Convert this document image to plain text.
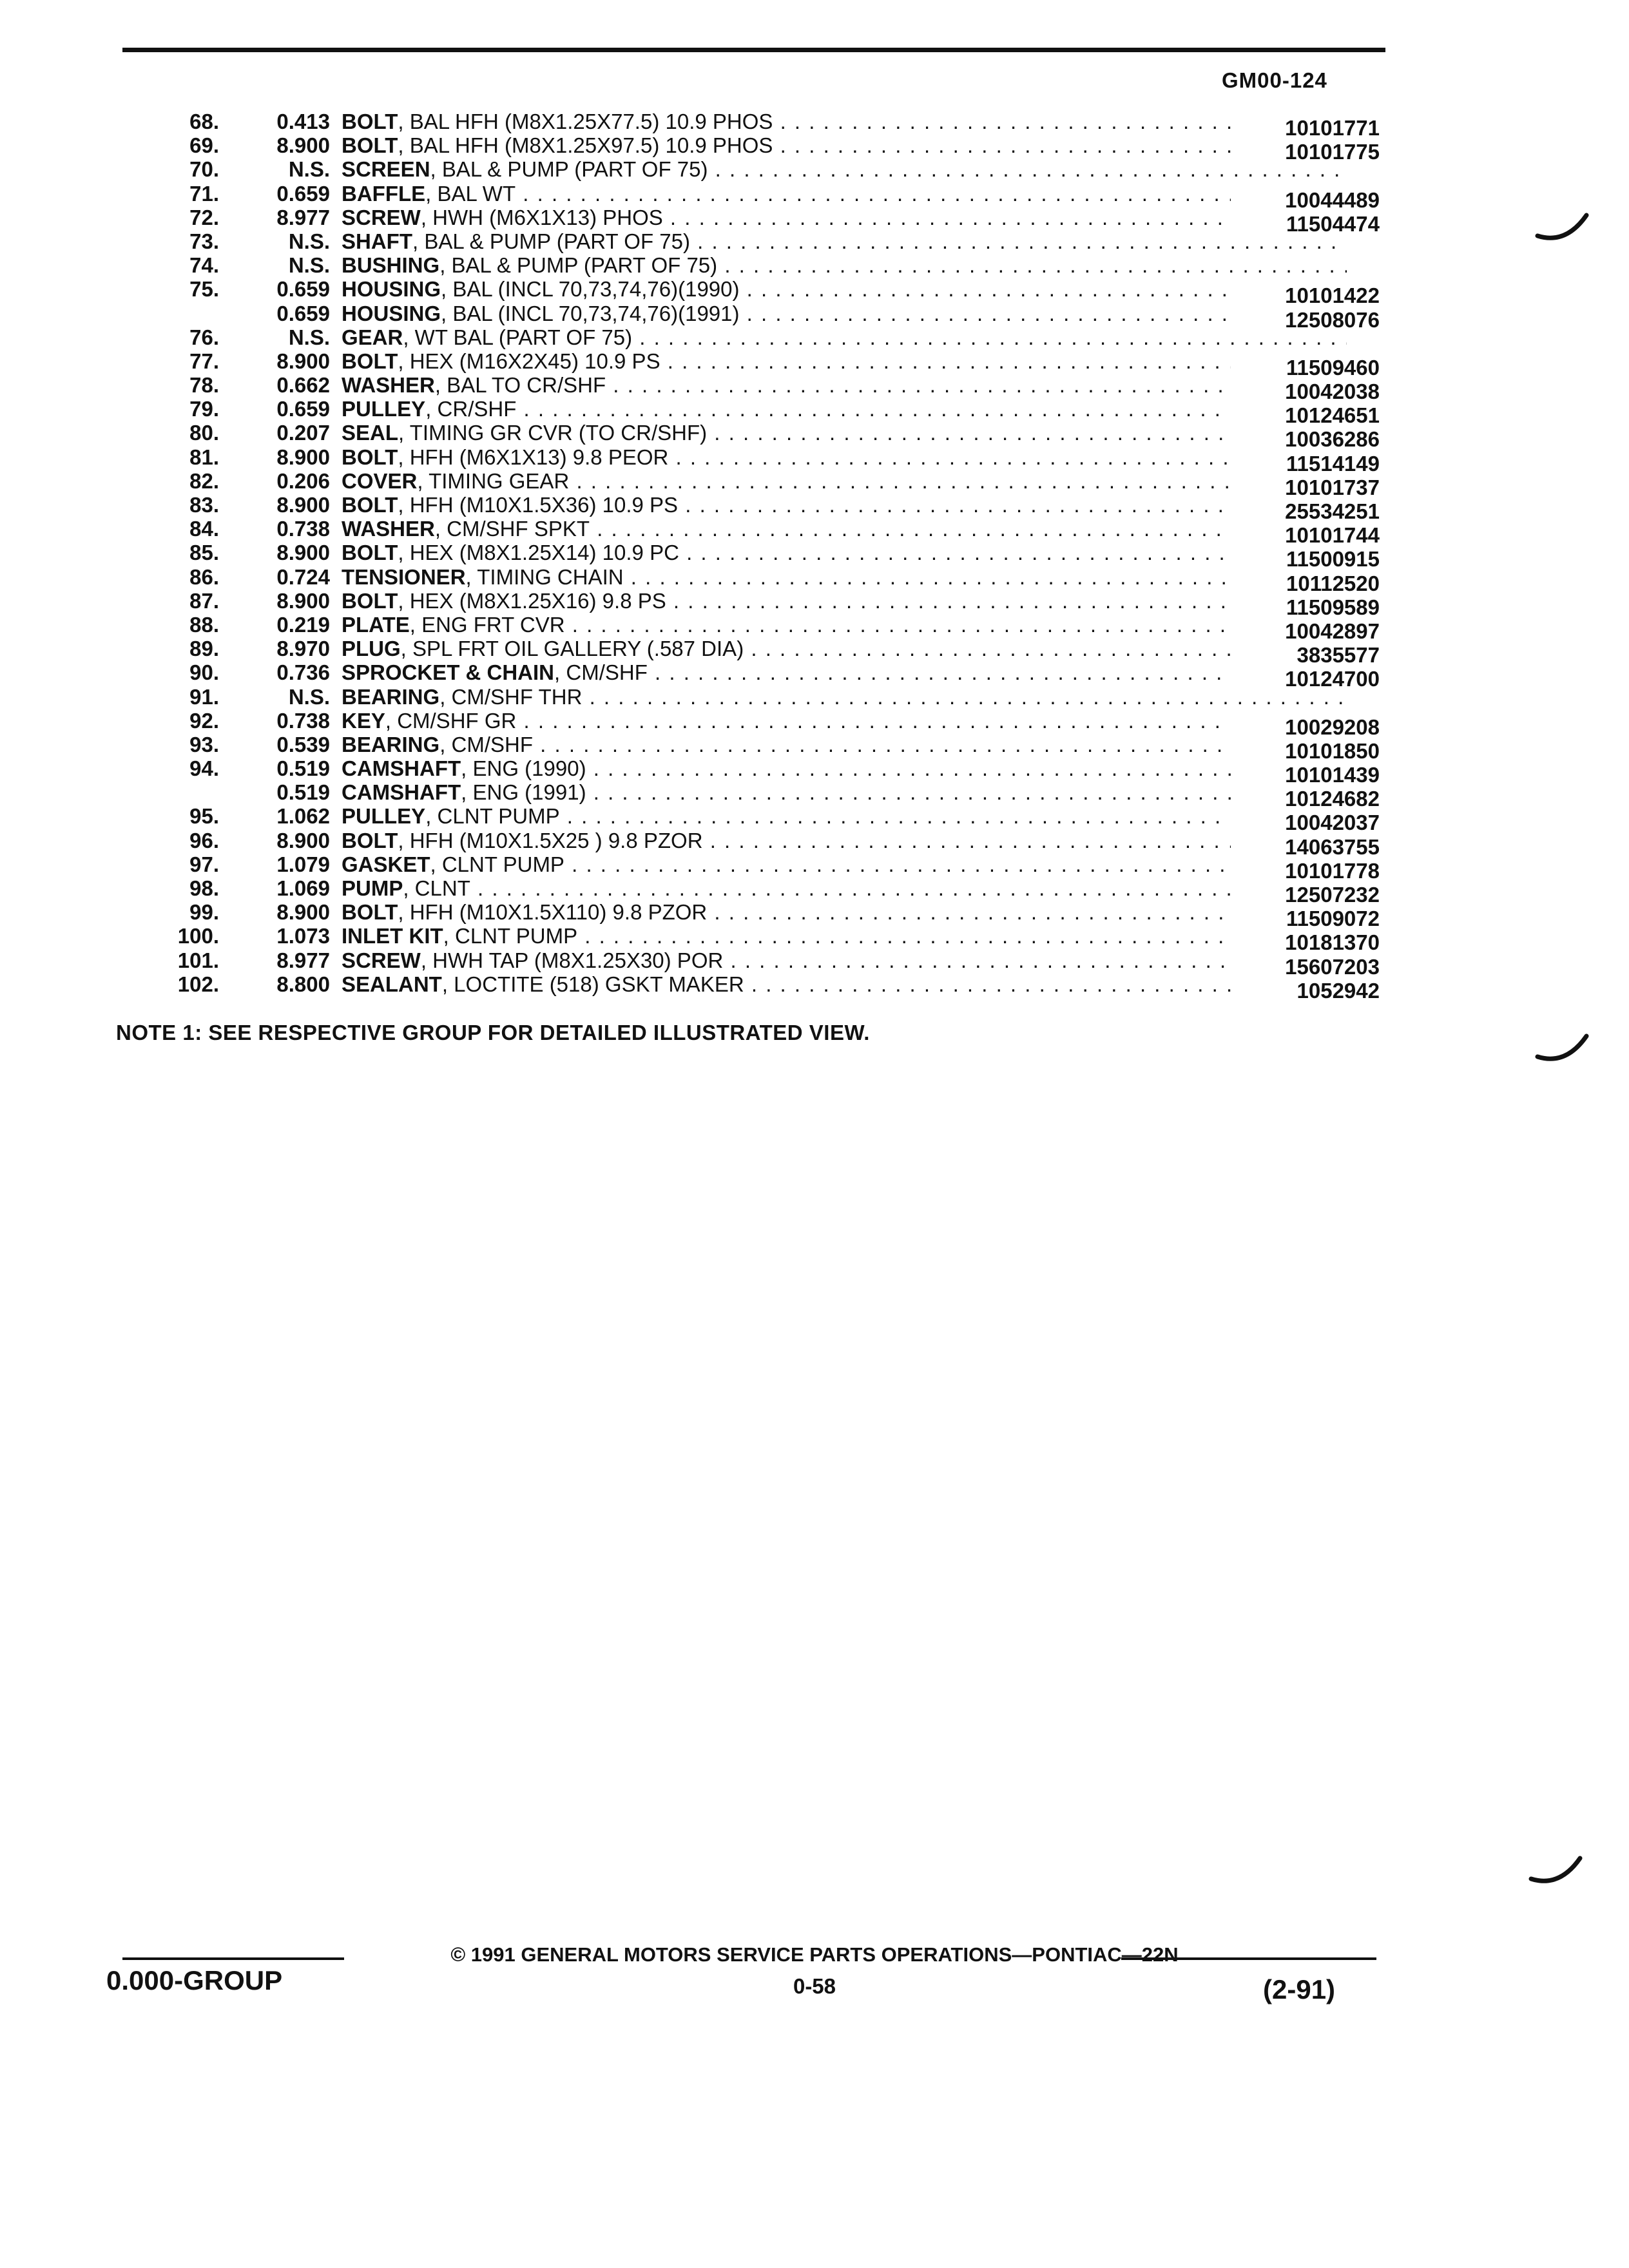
GM00-124
68.	0.413 BOLT, BAL HFH (M8X1.25X77.5) 10.9 PHOS . . .	10101771
69.	8.900 BOLT, BAL HFH (M8X1.25X97.5) 10.9 PHOS . . .	10101775
70.	N.S. SCREEN, BAL & PUMP (PART OF 75) . . .
71.	0.659 BAFFLE, BAL WT . . .	10044489
72.	8.977 SCREW, HWH (M6X1X13) PHOS . . .	11504474
73.	N.S. SHAFT, BAL & PUMP (PART OF 75) . . .
74.	N.S. BUSHING, BAL & PUMP (PART OF 75) . . .
75.	0.659 HOUSING, BAL (INCL 70,73,74,76)(1990) . . .	10101422
0.659 HOUSING, BAL (INCL 70,73,74,76)(1991) . . .	12508076
76.	N.S. GEAR, WT BAL (PART OF 75) . . .
77.	8.900 BOLT, HEX (M16X2X45) 10.9 PS . . .	11509460
78.	0.662 WASHER, BAL TO CR/SHF . . .	10042038
79.	0.659 PULLEY, CR/SHF . . .	10124651
80.	0.207 SEAL, TIMING GR CVR (TO CR/SHF) . . .	10036286
81.	8.900 BOLT, HFH (M6X1X13) 9.8 PEOR . . .	11514149
82.	0.206 COVER, TIMING GEAR . . .	10101737
83.	8.900 BOLT, HFH (M10X1.5X36) 10.9 PS . . .	25534251
84.	0.738 WASHER, CM/SHF SPKT . . .	10101744
85.	8.900 BOLT, HEX (M8X1.25X14) 10.9 PC . . .	11500915
86.	0.724 TENSIONER, TIMING CHAIN . . .	10112520
87.	8.900 BOLT, HEX (M8X1.25X16) 9.8 PS . . .	11509589
88.	0.219 PLATE, ENG FRT CVR . . .	10042897
89.	8.970 PLUG, SPL FRT OIL GALLERY (.587 DIA) . . .	3835577
90.	0.736 SPROCKET & CHAIN, CM/SHF . . .	10124700
91.	N.S. BEARING, CM/SHF THR . . .
92.	0.738 KEY, CM/SHF GR . . .	10029208
93.	0.539 BEARING, CM/SHF . . .	10101850
94.	0.519 CAMSHAFT, ENG (1990) . . .	10101439
0.519 CAMSHAFT, ENG (1991) . . .	10124682
95.	1.062 PULLEY, CLNT PUMP . . .	10042037
96.	8.900 BOLT, HFH (M10X1.5X25 ) 9.8 PZOR . . .	14063755
97.	1.079 GASKET, CLNT PUMP . . .	10101778
98.	1.069 PUMP, CLNT . . .	12507232
99.	8.900 BOLT, HFH (M10X1.5X110) 9.8 PZOR . . .	11509072
100.	1.073 INLET KIT, CLNT PUMP . . .	10181370
101.	8.977 SCREW, HWH TAP (M8X1.25X30) POR . . .	15607203
102.	8.800 SEALANT, LOCTITE (518) GSKT MAKER . . .	1052942
NOTE 1: SEE RESPECTIVE GROUP FOR DETAILED ILLUSTRATED VIEW.
© 1991 GENERAL MOTORS SERVICE PARTS OPERATIONS—PONTIAC—22N
0.000-GROUP	0-58	(2-91)
